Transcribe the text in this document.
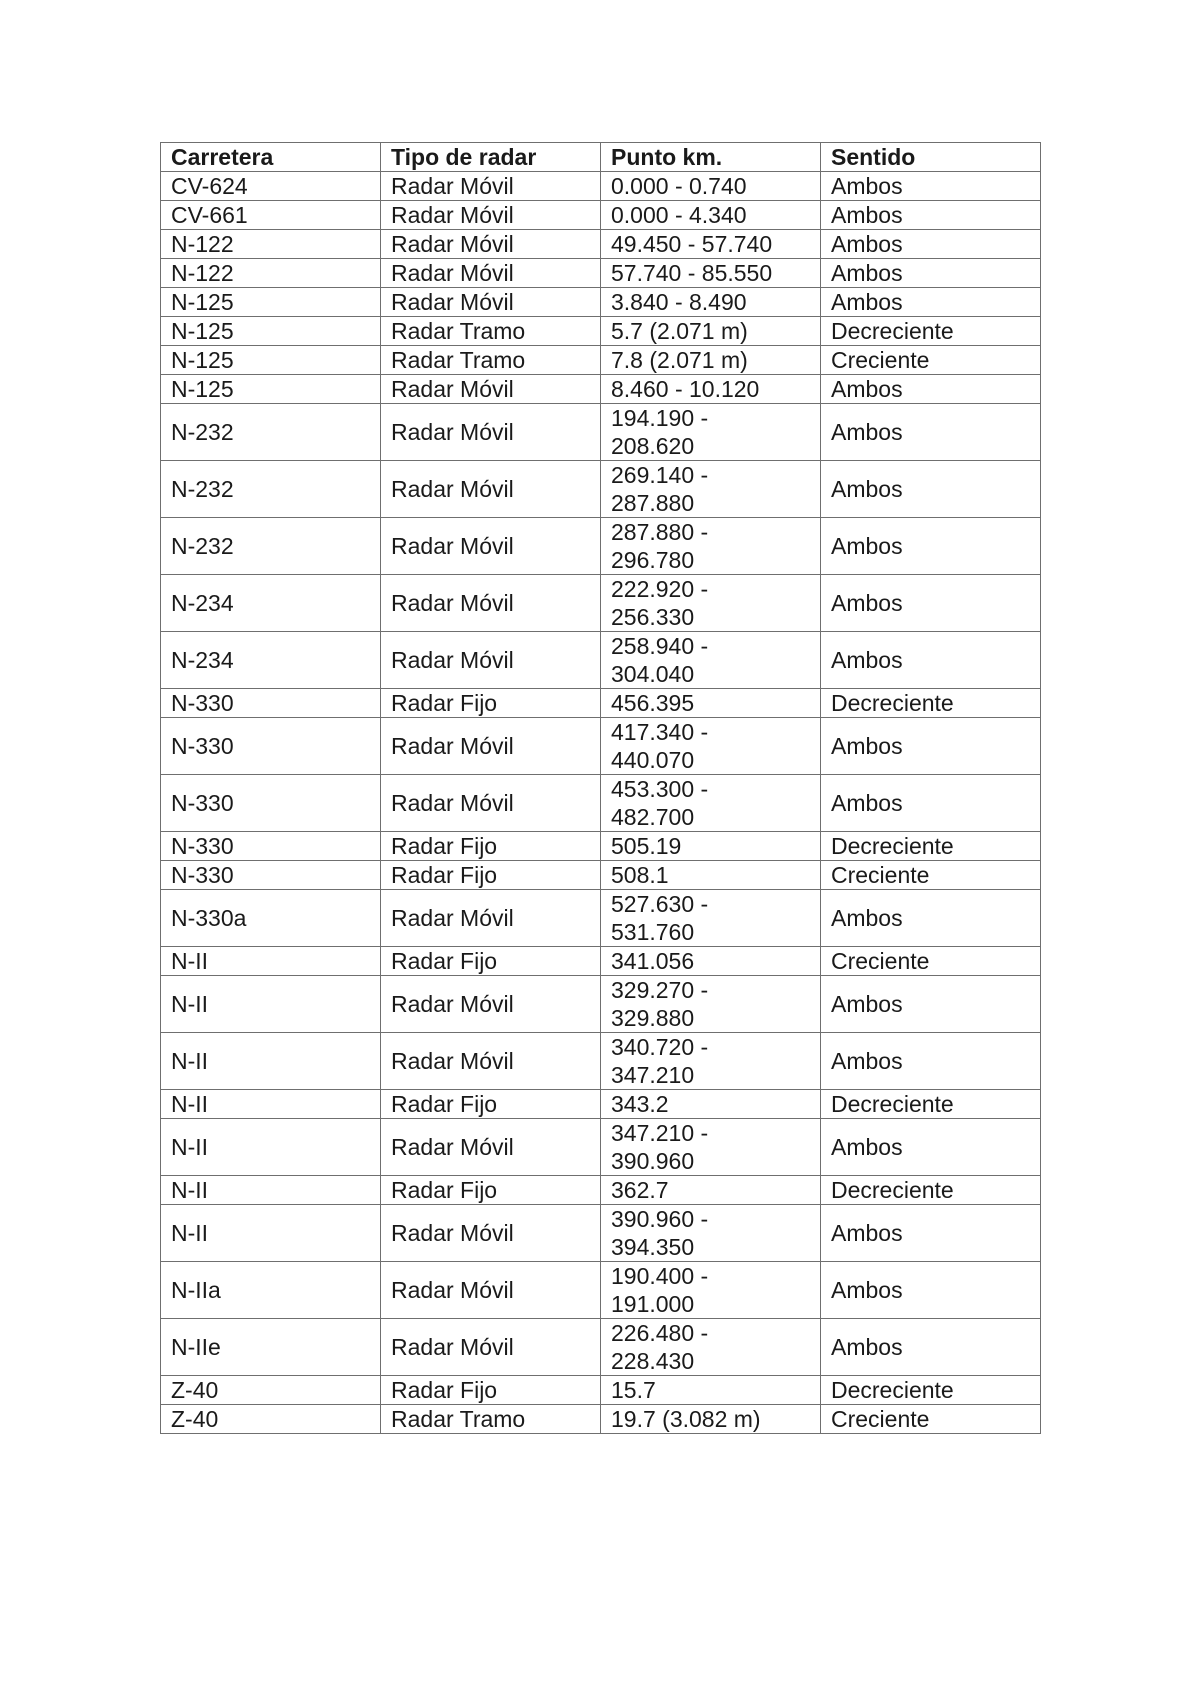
Carretera	Tipo de radar	Punto km.	Sentido
CV-624	Radar Móvil	0.000 - 0.740	Ambos
CV-661	Radar Móvil	0.000 - 4.340	Ambos
N-122	Radar Móvil	49.450 - 57.740	Ambos
N-122	Radar Móvil	57.740 - 85.550	Ambos
N-125	Radar Móvil	3.840 - 8.490	Ambos
N-125	Radar Tramo	5.7 (2.071 m)	Decreciente
N-125	Radar Tramo	7.8 (2.071 m)	Creciente
N-125	Radar Móvil	8.460 - 10.120	Ambos
N-232	Radar Móvil	194.190 -
208.620	Ambos
N-232	Radar Móvil	269.140 -
287.880	Ambos
N-232	Radar Móvil	287.880 -
296.780	Ambos
N-234	Radar Móvil	222.920 -
256.330	Ambos
N-234	Radar Móvil	258.940 -
304.040	Ambos
N-330	Radar Fijo	456.395	Decreciente
N-330	Radar Móvil	417.340 -
440.070	Ambos
N-330	Radar Móvil	453.300 -
482.700	Ambos
N-330	Radar Fijo	505.19	Decreciente
N-330	Radar Fijo	508.1	Creciente
N-330a	Radar Móvil	527.630 -
531.760	Ambos
N-II	Radar Fijo	341.056	Creciente
N-II	Radar Móvil	329.270 -
329.880	Ambos
N-II	Radar Móvil	340.720 -
347.210	Ambos
N-II	Radar Fijo	343.2	Decreciente
N-II	Radar Móvil	347.210 -
390.960	Ambos
N-II	Radar Fijo	362.7	Decreciente
N-II	Radar Móvil	390.960 -
394.350	Ambos
N-IIa	Radar Móvil	190.400 -
191.000	Ambos
N-IIe	Radar Móvil	226.480 -
228.430	Ambos
Z-40	Radar Fijo	15.7	Decreciente
Z-40	Radar Tramo	19.7 (3.082 m)	Creciente
